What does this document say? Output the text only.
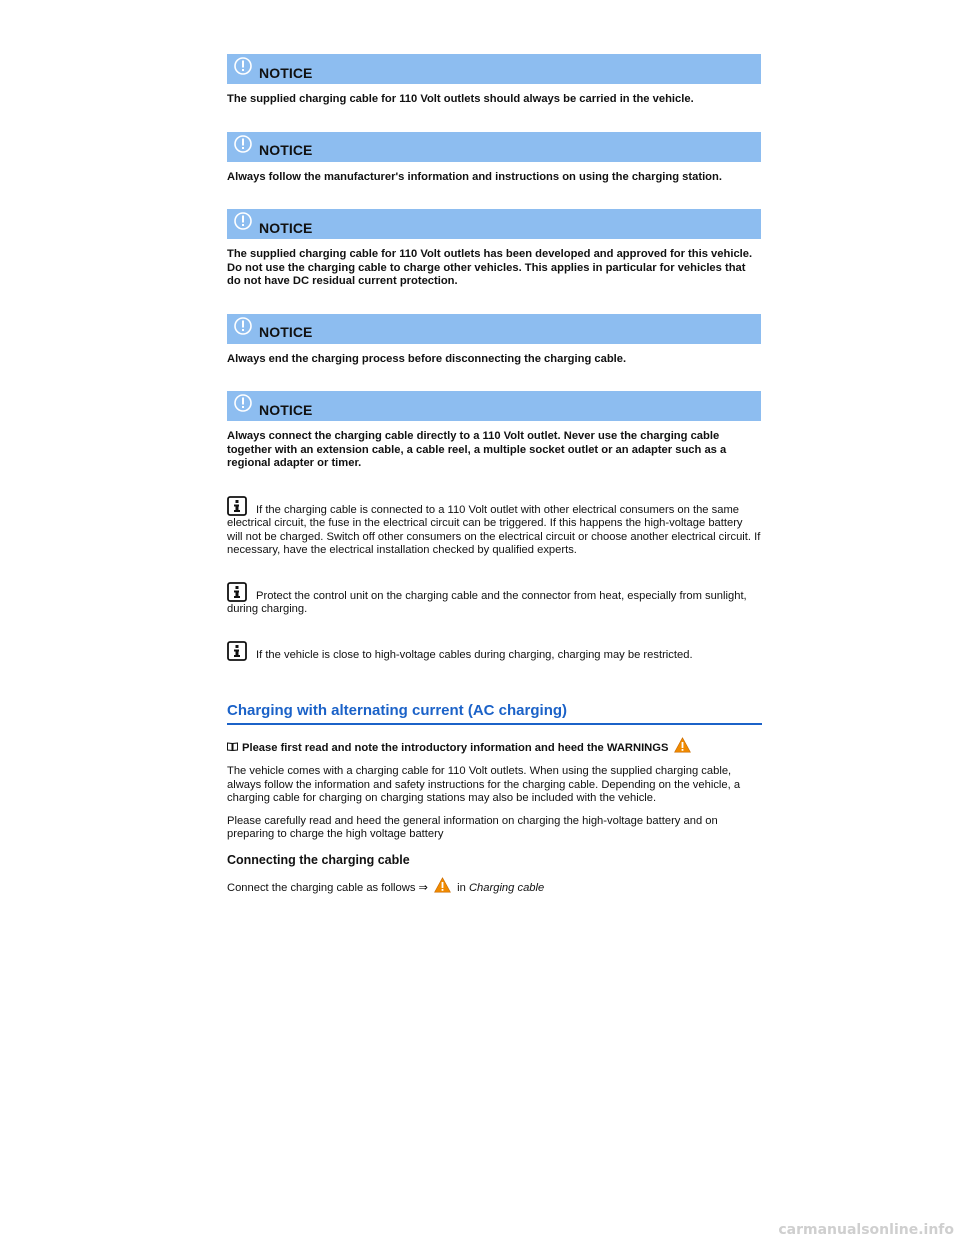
NOTICE
The supplied charging cable for 110 Volt outlets should always be carried in the vehicle.
NOTICE
Always follow the manufacturer's information and instructions on using the charging station.
NOTICE
The supplied charging cable for 110 Volt outlets has been developed and approved for this vehicle. Do not use the charging cable to charge other vehicles. This applies in particular for vehicles that do not have DC residual current protection.
NOTICE
Always end the charging process before disconnecting the charging cable.
NOTICE
Always connect the charging cable directly to a 110 Volt outlet. Never use the charging cable together with an extension cable, a cable reel, a multiple socket outlet or an adapter such as a regional adapter or timer.
If the charging cable is connected to a 110 Volt outlet with other electrical consumers on the same electrical circuit, the fuse in the electrical circuit can be triggered. If this happens the high-voltage battery will not be charged. Switch off other consumers on the electrical circuit or choose another electrical circuit. If necessary, have the electrical installation checked by qualified experts.
Protect the control unit on the charging cable and the connector from heat, especially from sunlight, during charging.
If the vehicle is close to high-voltage cables during charging, charging may be restricted.
Charging with alternating current (AC charging)
Please first read and note the introductory information and heed the WARNINGS
The vehicle comes with a charging cable for 110 Volt outlets. When using the supplied charging cable, always follow the information and safety instructions for the charging cable. Depending on the vehicle, a charging cable for charging on charging stations may also be included with the vehicle.
Please carefully read and heed the general information on charging the high-voltage battery and on preparing to charge the high voltage battery
Connecting the charging cable
Connect the charging cable as follows ⇒	in Charging cable
carmanualsonline.info
